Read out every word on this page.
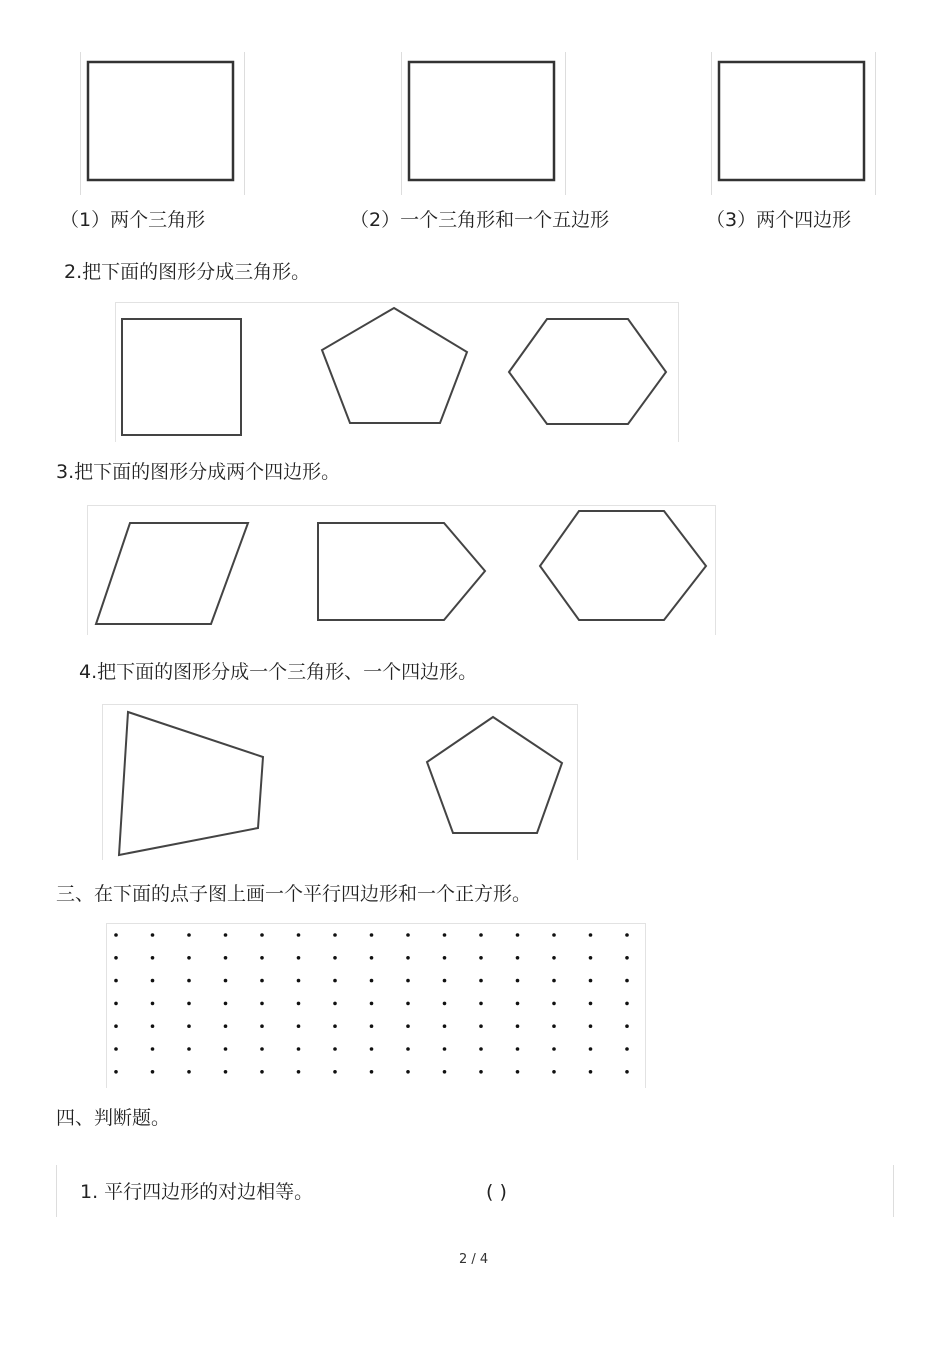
（1）两个三角形	（2）一个三角形和一个五边形	（3）两个四边形
2.把下面的图形分成三角形。
3.把下面的图形分成两个四边形。
4.把下面的图形分成一个三角形、一个四边形。
三、在下面的点子图上画一个平行四边形和一个正方形。
四、判断题。
1. 平行四边形的对边相等。	( )
2 / 4
